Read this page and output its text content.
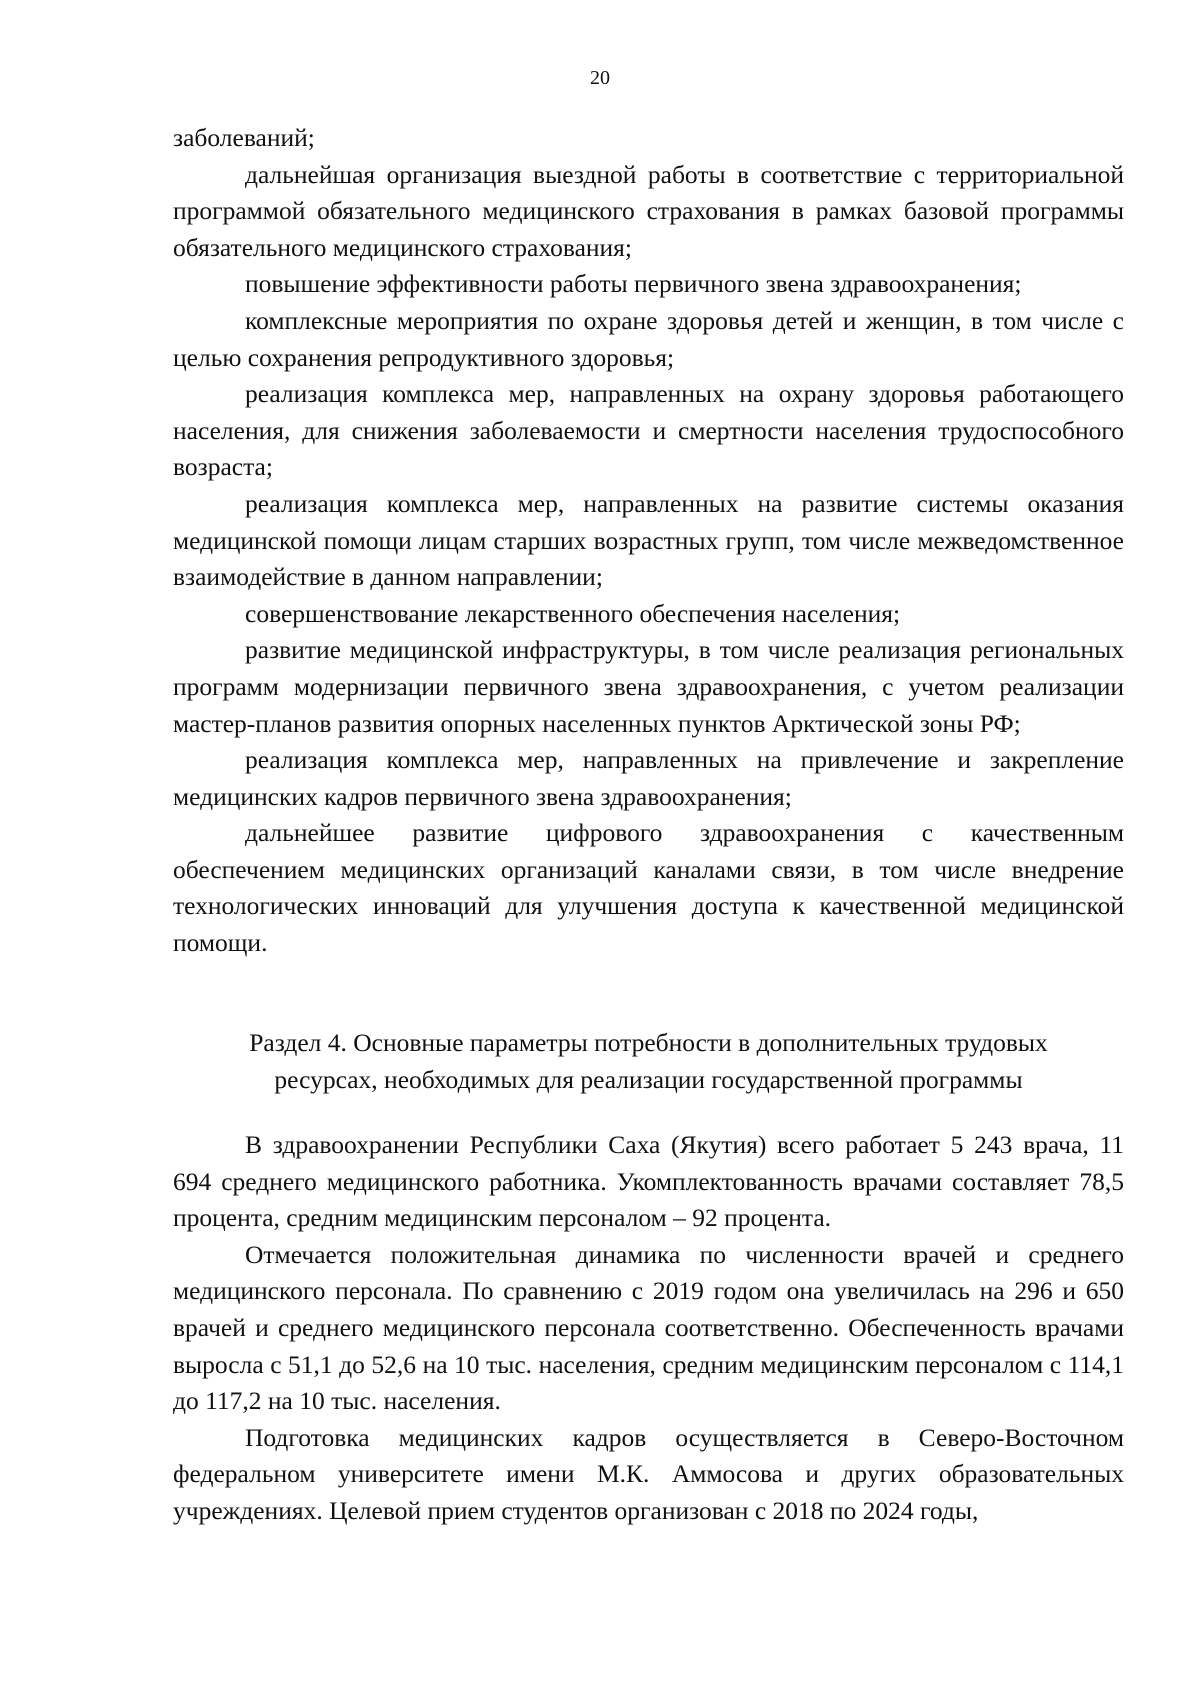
20

заболеваний;

дальнейшая организация выездной работы в соответствие с территориальной программой обязательного медицинского страхования в рамках базовой программы обязательного медицинского страхования;

повышение эффективности работы первичного звена здравоохранения;

комплексные мероприятия по охране здоровья детей и женщин, в том числе с целью сохранения репродуктивного здоровья;

реализация комплекса мер, направленных на охрану здоровья работающего населения, для снижения заболеваемости и смертности населения трудоспособного возраста;

реализация комплекса мер, направленных на развитие системы оказания медицинской помощи лицам старших возрастных групп, том числе межведомственное взаимодействие в данном направлении;

совершенствование лекарственного обеспечения населения;

развитие медицинской инфраструктуры, в том числе реализация региональных программ модернизации первичного звена здравоохранения, с учетом реализации мастер-планов развития опорных населенных пунктов Арктической зоны РФ;

реализация комплекса мер, направленных на привлечение и закрепление медицинских кадров первичного звена здравоохранения;

дальнейшее развитие цифрового здравоохранения с качественным обеспечением медицинских организаций каналами связи, в том числе внедрение технологических инноваций для улучшения доступа к качественной медицинской помощи.

Раздел 4. Основные параметры потребности в дополнительных трудовых
ресурсах, необходимых для реализации государственной программы

В здравоохранении Республики Саха (Якутия) всего работает 5 243 врача, 11 694 среднего медицинского работника. Укомплектованность врачами составляет 78,5 процента, средним медицинским персоналом – 92 процента.

Отмечается положительная динамика по численности врачей и среднего медицинского персонала. По сравнению с 2019 годом она увеличилась на 296 и 650 врачей и среднего медицинского персонала соответственно. Обеспеченность врачами выросла с 51,1 до 52,6 на 10 тыс. населения, средним медицинским персоналом с 114,1 до 117,2 на 10 тыс. населения.

Подготовка медицинских кадров осуществляется в Северо-Восточном федеральном университете имени М.К. Аммосова и других образовательных учреждениях. Целевой прием студентов организован с 2018 по 2024 годы,
